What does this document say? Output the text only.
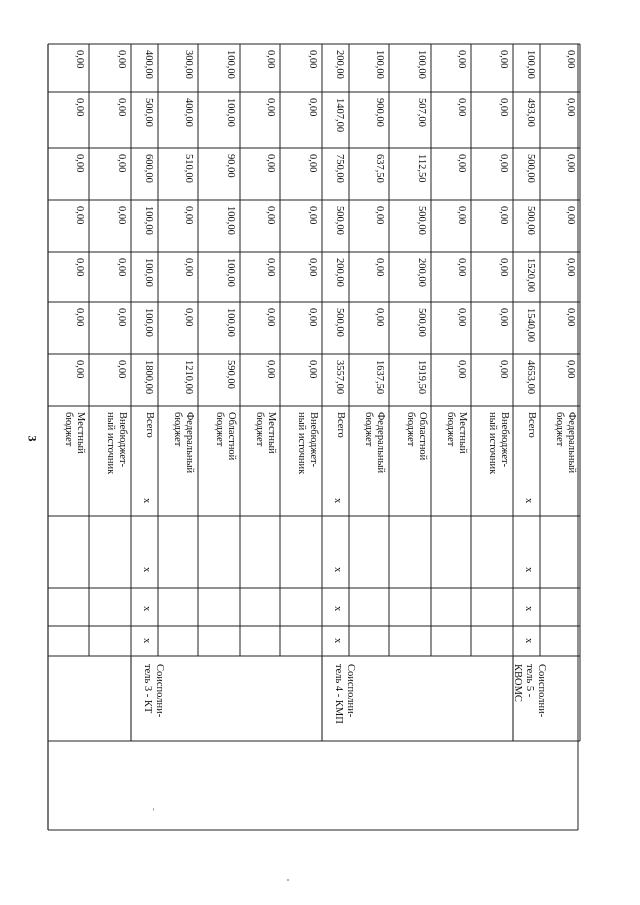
3
0,00
0,00
0,00
0,00
0,00
0,00
0,00
Местный
бюджет
0,00
0,00
0,00
0,00
0,00
0,00
0,00
Внебюджет-
ный источник
400,00
500,00
600,00
100,00
100,00
100,00
1800,00
Всего
300,00
400,00
510,00
0,00
0,00
0,00
1210,00
Федеральный
бюджет
100,00
100,00
90,00
100,00
100,00
100,00
590,00
Областной
бюджет
0,00
0,00
0,00
0,00
0,00
0,00
0,00
Местный
бюджет
0,00
0,00
0,00
0,00
0,00
0,00
0,00
Внебюджет-
ный источник
200,00
1407,00
750,00
500,00
200,00
500,00
3557,00
Всего
100,00
900,00
637,50
0,00
0,00
0,00
1637,50
Федеральный
бюджет
100,00
507,00
112,50
500,00
200,00
500,00
1919,50
Областной
бюджет
0,00
0,00
0,00
0,00
0,00
0,00
0,00
Местный
бюджет
0,00
0,00
0,00
0,00
0,00
0,00
0,00
Внебюджет-
ный источник
100,00
493,00
500,00
500,00
1520,00
1540,00
4653,00
Всего
0,00
0,00
0,00
0,00
0,00
0,00
0,00
Федеральный
бюджет
х
х
х
х
х
х
х
х
х
х
х
х
Соисполни-
тель 3 - КТ	Соисполни-
тель 4 - КМП	Соисполни-
тель 5 -
КВОМС
